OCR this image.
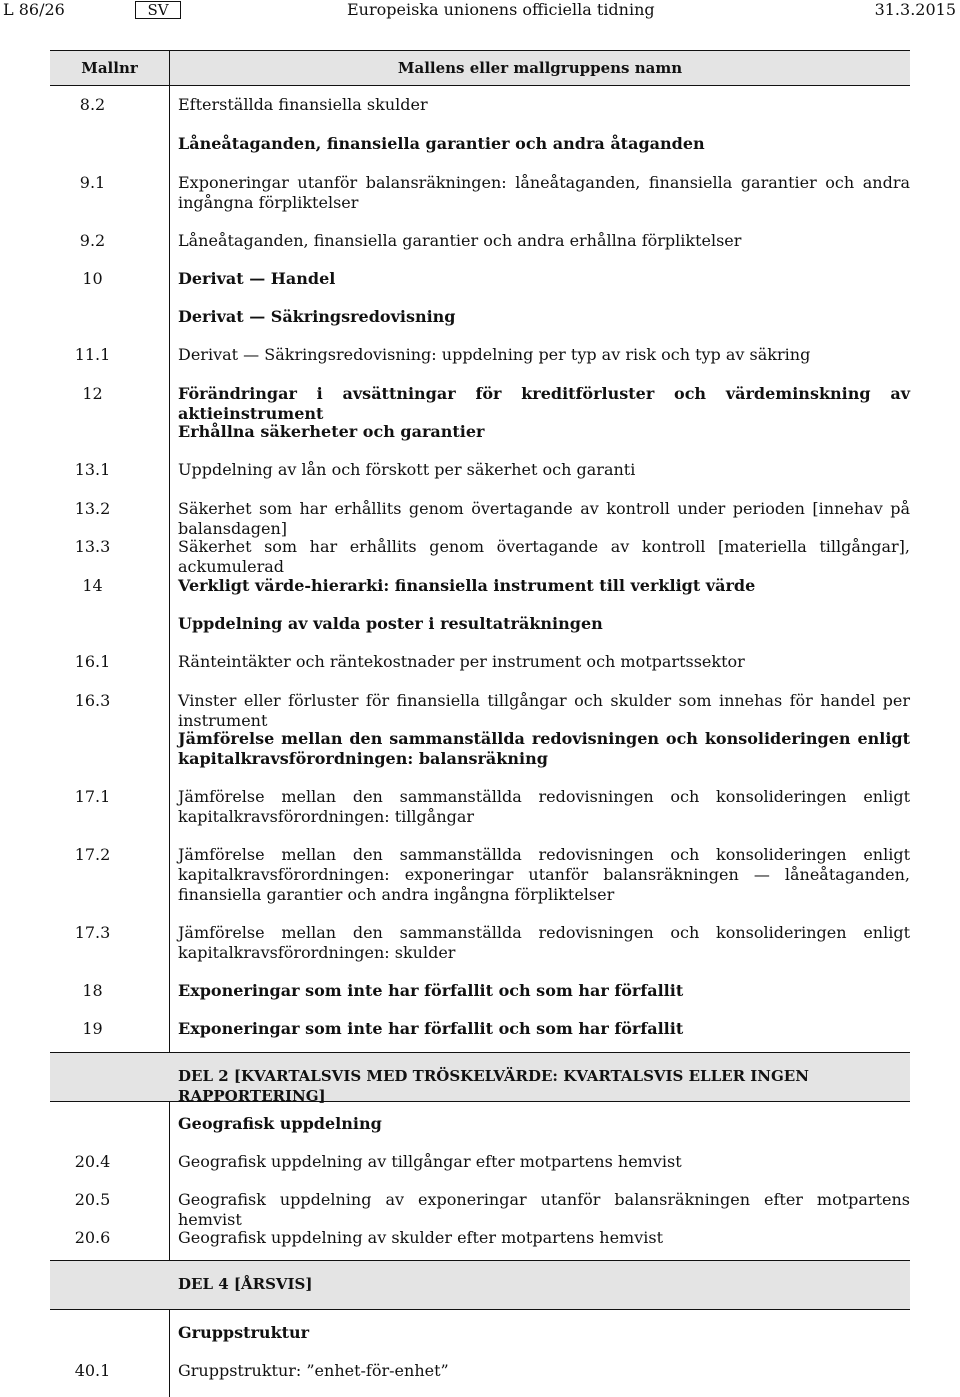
L 86/26	SV	Europeiska unionens officiella tidning	31.3.2015
Mallnr	Mallens eller mallgruppens namn
8.2	Efterställda finansiella skulder
Låneåtaganden, finansiella garantier och andra åtaganden
9.1	Exponeringar utanför balansräkningen: låneåtaganden, finansiella garantier och andra ingångna förpliktelser
9.2	Låneåtaganden, finansiella garantier och andra erhållna förpliktelser
10	Derivat — Handel
Derivat — Säkringsredovisning
11.1	Derivat — Säkringsredovisning: uppdelning per typ av risk och typ av säkring
12	Förändringar i avsättningar för kreditförluster och värdeminskning av aktieinstrument
Erhållna säkerheter och garantier
13.1	Uppdelning av lån och förskott per säkerhet och garanti
13.2	Säkerhet som har erhållits genom övertagande av kontroll under perioden [innehav på balansdagen]
13.3	Säkerhet som har erhållits genom övertagande av kontroll [materiella tillgångar], ackumulerad
14	Verkligt värde-hierarki: finansiella instrument till verkligt värde
Uppdelning av valda poster i resultaträkningen
16.1	Ränteintäkter och räntekostnader per instrument och motpartssektor
16.3	Vinster eller förluster för finansiella tillgångar och skulder som innehas för handel per instrument
Jämförelse mellan den sammanställda redovisningen och konsolideringen enligt kapitalkravsförordningen: balansräkning
17.1	Jämförelse mellan den sammanställda redovisningen och konsolideringen enligt kapitalkravsförordningen: tillgångar
17.2	Jämförelse mellan den sammanställda redovisningen och konsolideringen enligt kapitalkravsförordningen: exponeringar utanför balansräkningen — låneåtaganden, finansiella garantier och andra ingångna förpliktelser
17.3	Jämförelse mellan den sammanställda redovisningen och konsolideringen enligt kapitalkravsförordningen: skulder
18	Exponeringar som inte har förfallit och som har förfallit
19	Exponeringar som inte har förfallit och som har förfallit
DEL 2 [KVARTALSVIS MED TRÖSKELVÄRDE: KVARTALSVIS ELLER INGEN RAPPORTERING]
Geografisk uppdelning
20.4	Geografisk uppdelning av tillgångar efter motpartens hemvist
20.5	Geografisk uppdelning av exponeringar utanför balansräkningen efter motpartens hemvist
20.6	Geografisk uppdelning av skulder efter motpartens hemvist
DEL 4 [ÅRSVIS]
Gruppstruktur
40.1	Gruppstruktur: ”enhet-för-enhet”
